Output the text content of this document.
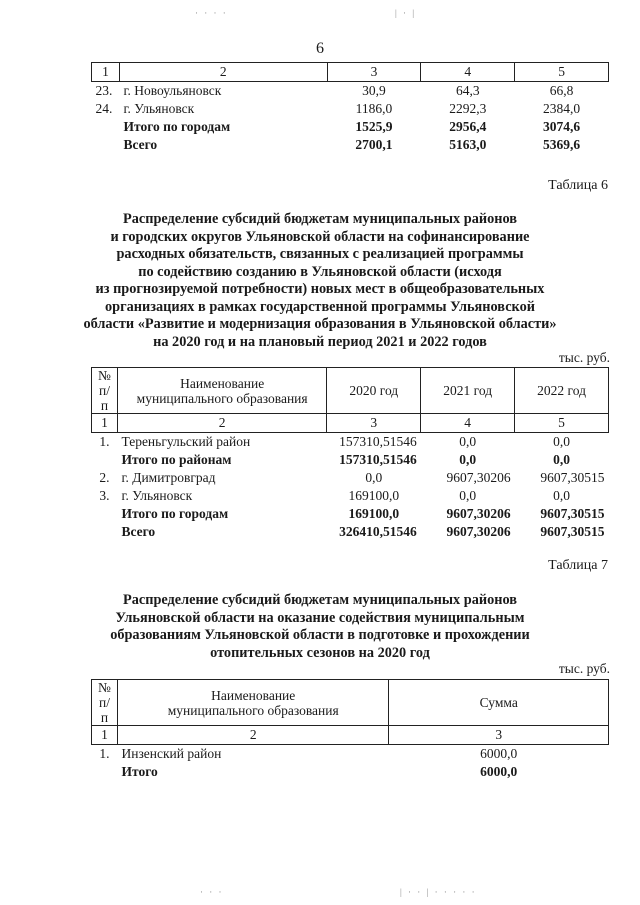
· · · ·	| · |
· · ·	| · · | · · · · ·
6
1	2	3	4	5
23.	г. Новоульяновск	30,9	64,3	66,8
24.	г. Ульяновск	1186,0	2292,3	2384,0
	Итого по городам	1525,9	2956,4	3074,6
	Всего	2700,1	5163,0	5369,6
Таблица 6
Распределение субсидий бюджетам муниципальных районов
и городских округов Ульяновской области на софинансирование
расходных обязательств, связанных с реализацией программы
по содействию созданию в Ульяновской области (исходя
из прогнозируемой потребности) новых мест в общеобразовательных
организациях в рамках государственной программы Ульяновской
области «Развитие и модернизация образования в Ульяновской области»
на 2020 год и на плановый период 2021 и 2022 годов
тыс. руб.
№
п/п	Наименование
муниципального образования	2020 год	2021 год	2022 год
1	2	3	4	5
1.	Тереньгульский район	157310,51546	0,0	0,0
	Итого по районам	157310,51546	0,0	0,0
2.	г. Димитровград	0,0	9607,30206	9607,30515
3.	г. Ульяновск	169100,0	0,0	0,0
	Итого по городам	169100,0	9607,30206	9607,30515
	Всего	326410,51546	9607,30206	9607,30515
Таблица 7
Распределение субсидий бюджетам муниципальных районов
Ульяновской области на оказание содействия муниципальным
образованиям Ульяновской области в подготовке и прохождении
отопительных сезонов на 2020 год
тыс. руб.
№
п/п	Наименование
муниципального образования	Сумма
1	2	3
1.	Инзенский район	6000,0
	Итого	6000,0
